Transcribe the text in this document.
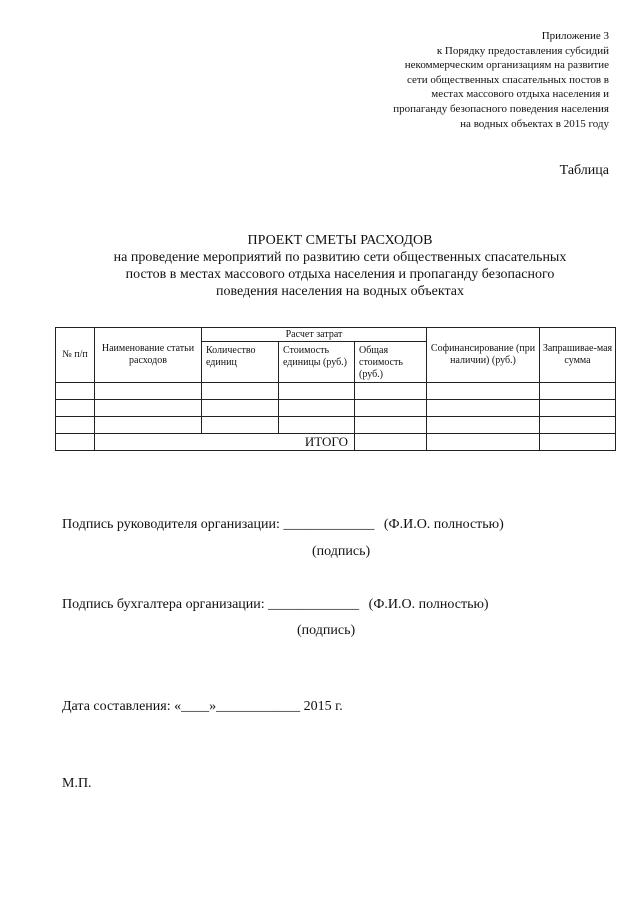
Приложение 3
к Порядку предоставления субсидий
некоммерческим организациям на развитие
сети общественных спасательных постов в
местах массового отдыха населения и
пропаганду безопасного поведения населения
на водных объектах в 2015 году
Таблица
ПРОЕКТ СМЕТЫ РАСХОДОВ
на проведение мероприятий по развитию сети общественных спасательных
постов в местах массового отдыха населения и пропаганду безопасного
поведения населения на водных объектах
№ п/п	Наименование статьи расходов	Расчет затрат			Софинансирование (при наличии) (руб.)	Запрашивае-мая сумма
		Количество единиц	Стоимость единицы (руб.)	Общая стоимость (руб.)		

	ИТОГО					
Подпись руководителя организации: _____________ (Ф.И.О. полностью)
(подпись)
Подпись бухгалтера организации: _____________ (Ф.И.О. полностью)
(подпись)
Дата составления: «____»____________ 2015 г.
М.П.
